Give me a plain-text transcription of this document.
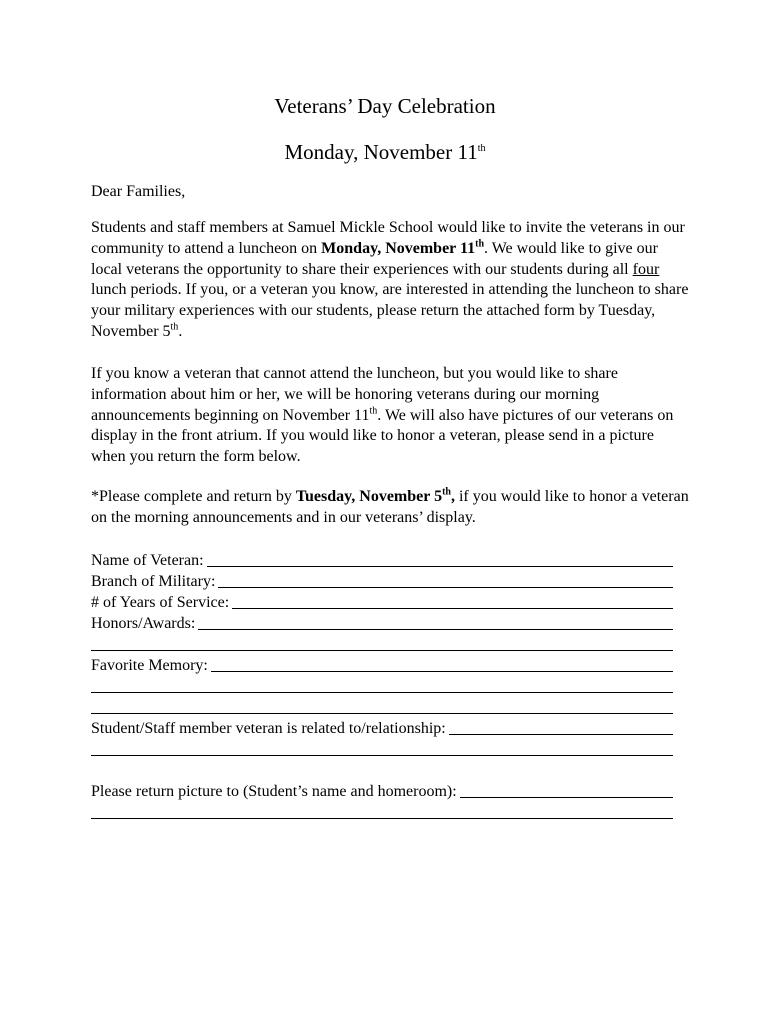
Veterans’ Day Celebration
Monday, November 11th
Dear Families,
Students and staff members at Samuel Mickle School would like to invite the veterans in our community to attend a luncheon on Monday, November 11th. We would like to give our local veterans the opportunity to share their experiences with our students during all four lunch periods. If you, or a veteran you know, are interested in attending the luncheon to share your military experiences with our students, please return the attached form by Tuesday, November 5th.
If you know a veteran that cannot attend the luncheon, but you would like to share information about him or her, we will be honoring veterans during our morning announcements beginning on November 11th. We will also have pictures of our veterans on display in the front atrium. If you would like to honor a veteran, please send in a picture when you return the form below.
*Please complete and return by Tuesday, November 5th, if you would like to honor a veteran on the morning announcements and in our veterans’ display.
Name of Veteran:
Branch of Military:
# of Years of Service:
Honors/Awards:
Favorite Memory:
Student/Staff member veteran is related to/relationship:
Please return picture to (Student’s name and homeroom):
